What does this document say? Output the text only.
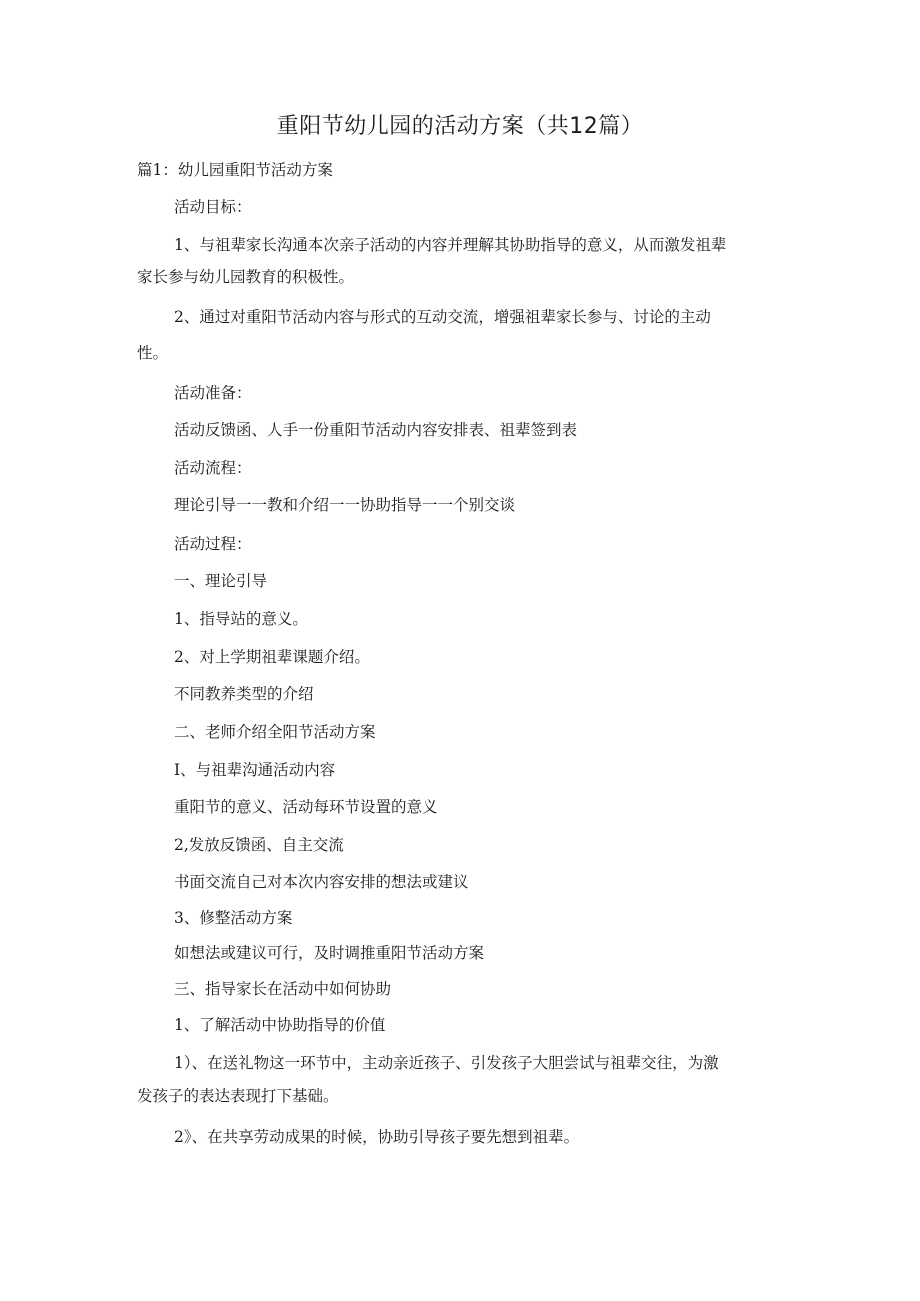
重阳节幼儿园的活动方案（共12篇）
篇1：幼儿园重阳节活动方案
活动目标：
1、与祖辈家长沟通本次亲子活动的内容并理解其协助指导的意义，从而激发祖辈
家长参与幼儿园教育的积极性。
2、通过对重阳节活动内容与形式的互动交流，增强祖辈家长参与、讨论的主动
性。
活动准备：
活动反馈函、人手一份重阳节活动内容安排表、祖辈签到表
活动流程：
理论引导一一教和介绍一一协助指导一一个别交谈
活动过程：
一、理论引导
1、指导站的意义。
2、对上学期祖辈课题介绍。
不同教养类型的介绍
二、老师介绍全阳节活动方案
I、与祖辈沟通活动内容
重阳节的意义、活动每环节设置的意义
2,发放反馈函、自主交流
书面交流自己对本次内容安排的想法或建议
3、修整活动方案
如想法或建议可行，及时调推重阳节活动方案
三、指导家长在活动中如何协助
1、了解活动中协助指导的价值
1）、在送礼物这一环节中，主动亲近孩子、引发孩子大胆尝试与祖辈交往，为激
发孩子的表达表现打下基础。
2》、在共享劳动成果的时候，协助引导孩子要先想到祖辈。
